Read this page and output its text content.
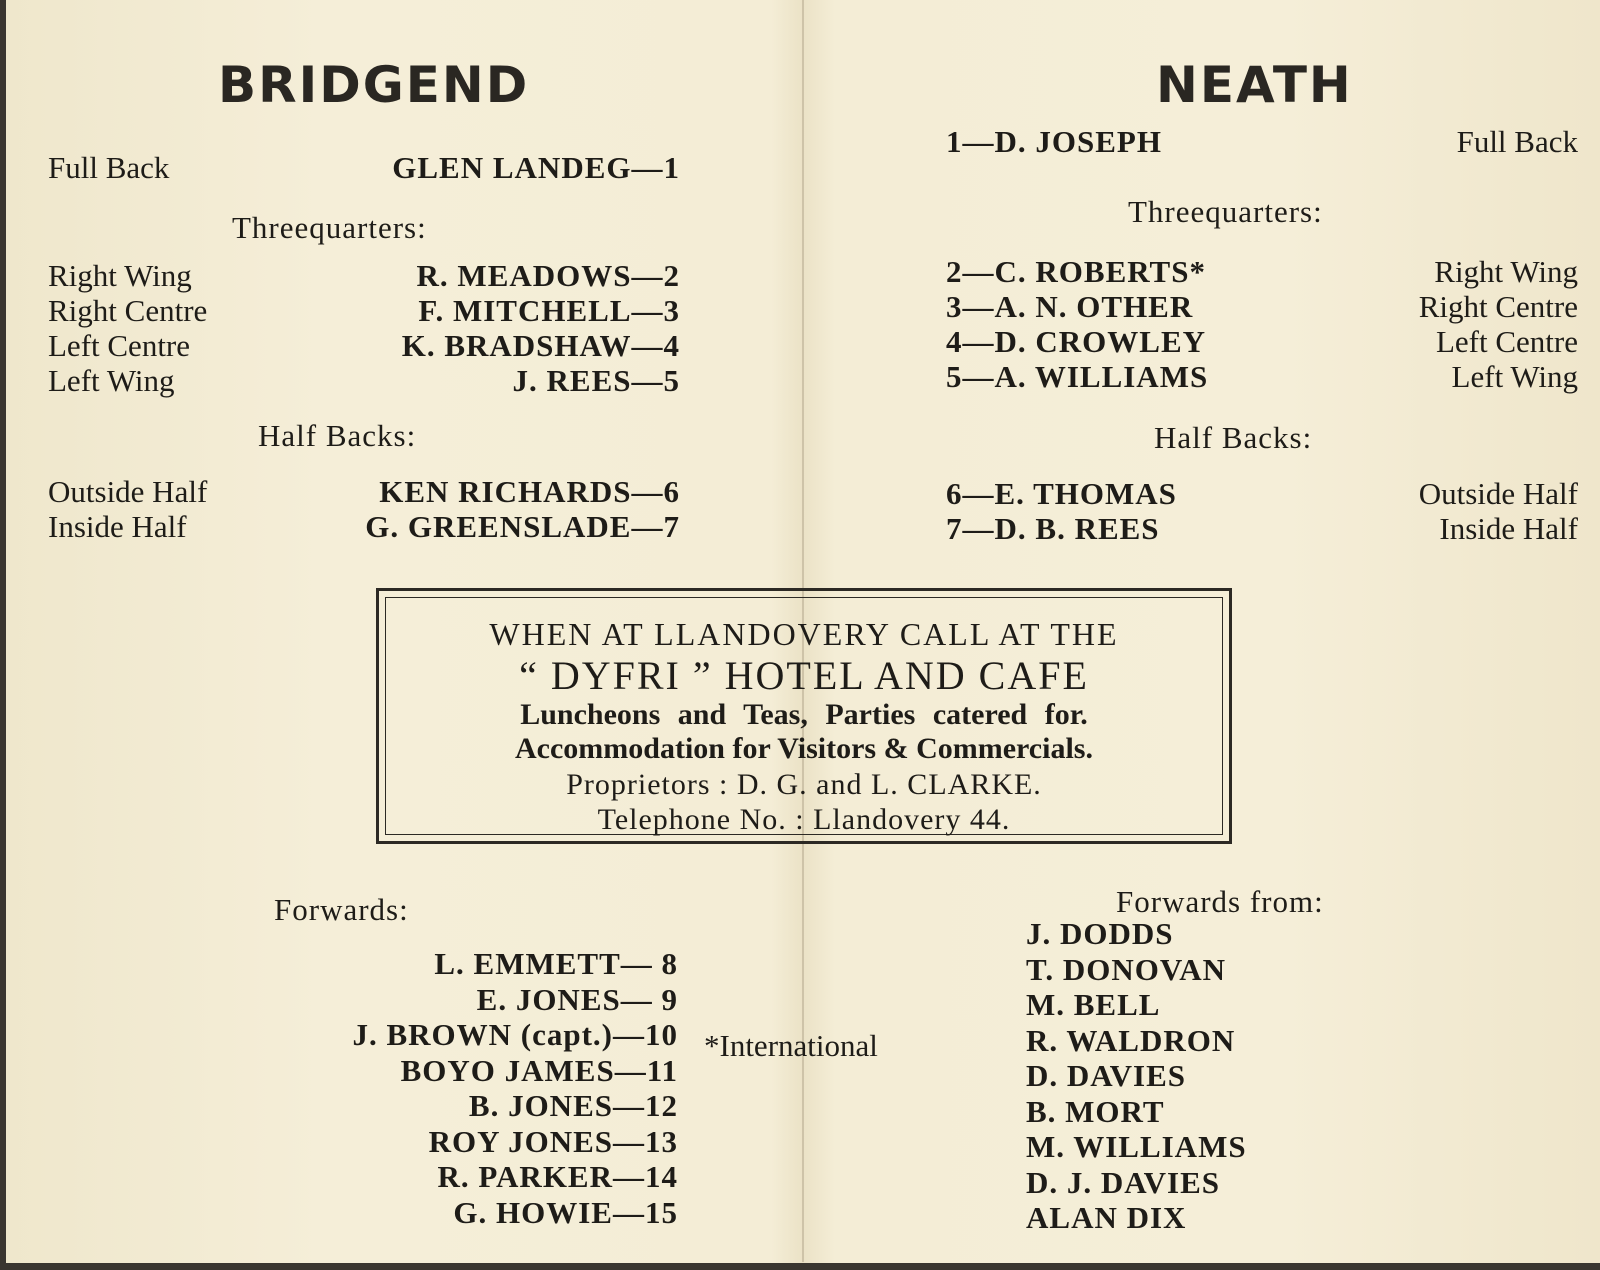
BRIDGEND
Full Back	GLEN LANDEG—1
Threequarters:
Right Wing	R. MEADOWS—2
Right Centre	F. MITCHELL—3
Left Centre	K. BRADSHAW—4
Left Wing	J. REES—5
Half Backs:
Outside Half	KEN RICHARDS—6
Inside Half	G. GREENSLADE—7
NEATH
1—D. JOSEPH	Full Back
Threequarters:
2—C. ROBERTS*	Right Wing
3—A. N. OTHER	Right Centre
4—D. CROWLEY	Left Centre
5—A. WILLIAMS	Left Wing
Half Backs:
6—E. THOMAS	Outside Half
7—D. B. REES	Inside Half
WHEN AT LLANDOVERY CALL AT THE
“ DYFRI ” HOTEL AND CAFE
Luncheons and Teas, Parties catered for.
Accommodation for Visitors & Commercials.
Proprietors : D. G. and L. CLARKE.
Telephone No. : Llandovery 44.
Forwards:
L. EMMETT— 8
E. JONES— 9
J. BROWN (capt.)—10
BOYO JAMES—11
B. JONES—12
ROY JONES—13
R. PARKER—14
G. HOWIE—15
*International
Forwards from:
J. DODDS
T. DONOVAN
M. BELL
R. WALDRON
D. DAVIES
B. MORT
M. WILLIAMS
D. J. DAVIES
ALAN DIX
